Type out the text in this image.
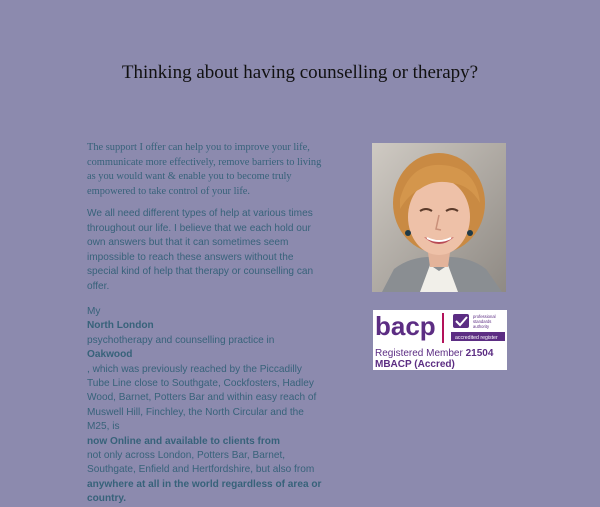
Thinking about having counselling or therapy?

The support I offer can help you to improve your life, communicate more effectively, remove barriers to living as you would want & enable you to become truly empowered to take control of your life.

We all need different types of help at various times throughout our life. I believe that we each hold our own answers but that it can sometimes seem impossible to reach these answers without the special kind of help that therapy or counselling can offer.

My
North London
psychotherapy and counselling practice in
Oakwood
, which was previously reached by the Piccadilly Tube Line close to Southgate, Cockfosters, Hadley Wood, Barnet, Potters Bar and within easy reach of Muswell Hill, Finchley, the North Circular and the M25, is
now Online and available to clients from
not only across London, Potters Bar, Barnet, Southgate, Enfield and Hertfordshire, but also from
anywhere at all in the world regardless of area or country.
bacp	professional
standards
authority
accredited register
Registered Member 21504
MBACP (Accred)
